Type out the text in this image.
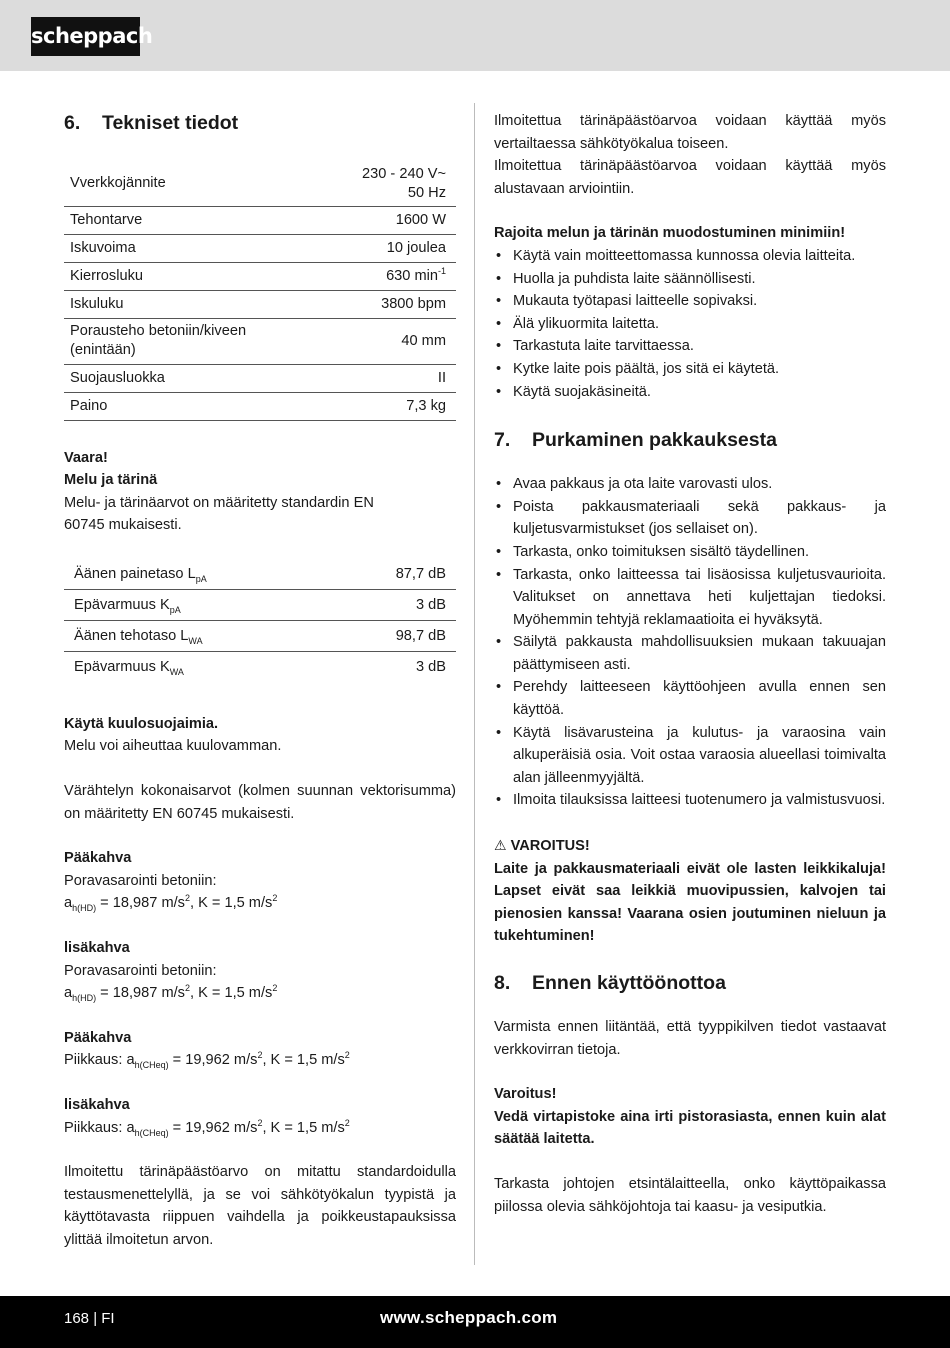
scheppach
6. Tekniset tiedot
Vverkkojännite	230 - 240 V~
50 Hz
Tehontarve	1600 W
Iskuvoima	10 joulea
Kierrosluku	630 $\min^{-1}$
Iskuluku	3800 bpm
Porausteho betoniin/kiveen (enintään)	40 mm
Suojausluokka	II
Paino	7,3 kg

Vaara!

Melu ja tärinä

Melu- ja tärinäarvot on määritetty standardin EN 60745 mukaisesti.

Äänen painetaso $L_{pA}$	87,7 dB
Epävarmuus $K_{pA}$	3 dB
Äänen tehotaso $L_{WA}$	98,7 dB
Epävarmuus $K_{WA}$	3 dB

Käytä kuulosuojaimia.

Melu voi aiheuttaa kuulovamman.

Värähtelyn kokonaisarvot (kolmen suunnan vektorisumma) on määritetty EN 60745 mukaisesti.

Pääkahva

Poravasarointi betoniin:

$a_{h(HD)} = 18,987$ $m/s^2$, K = 1,5 $m/s^2$

lisäkahva

Poravasarointi betoniin:

$a_{h(HD)} = 18,987$ $m/s^2$, K = 1,5 $m/s^2$

Pääkahva

Piikkaus: $a_{h(CHeq)} = 19,962$ $m/s^2$, K = 1,5 $m/s^2$

lisäkahva

Piikkaus: $a_{h(CHeq)} = 19,962$ $m/s^2$, K = 1,5 $m/s^2$

Ilmoitettu tärinäpäästöarvo on mitattu standardoidulla testausmenettelyllä, ja se voi sähkötyökalun tyypistä ja käyttötavasta riippuen vaihdella ja poikkeustapauksissa ylittää ilmoitetun arvon.

Ilmoitettua tärinäpäästöarvoa voidaan käyttää myös vertailtaessa sähkötyökalua toiseen.

Ilmoitettua tärinäpäästöarvoa voidaan käyttää myös alustavaan arviointiin.

Rajoita melun ja tärinän muodostuminen minimiin!

• Käytä vain moitteettomassa kunnossa olevia laitteita.
• Huolla ja puhdista laite säännöllisesti.
• Mukauta työtapasi laitteelle sopivaksi.
• Älä ylikuormita laitetta.
• Tarkastuta laite tarvittaessa.
• Kytke laite pois päältä, jos sitä ei käytetä.
• Käytä suojakäsineitä.
7. Purkaminen pakkauksesta
• Avaa pakkaus ja ota laite varovasti ulos.
• Poista pakkausmateriaali sekä pakkaus- ja kuljetusvarmistukset (jos sellaiset on).
• Tarkasta, onko toimituksen sisältö täydellinen.
• Tarkasta, onko laitteessa tai lisäosissa kuljetusvaurioita. Valitukset on annettava heti kuljettajan tiedoksi. Myöhemmin tehtyjä reklamaatioita ei hyväksytä.
• Säilytä pakkausta mahdollisuuksien mukaan takuuajan päättymiseen asti.
• Perehdy laitteeseen käyttöohjeen avulla ennen sen käyttöä.
• Käytä lisävarusteina ja kulutus- ja varaosina vain alkuperäisiä osia. Voit ostaa varaosia alueellasi toimivalta alan jälleenmyyjältä.
• Ilmoita tilauksissa laitteesi tuotenumero ja valmistusvuosi.

⚠ VAROITUS!

Laite ja pakkausmateriaali eivät ole lasten leikkikaluja! Lapset eivät saa leikkiä muovipussien, kalvojen tai pienosien kanssa! Vaarana osien joutuminen nieluun ja tukehtuminen!

8. Ennen käyttöönottoa

Varmista ennen liitäntää, että tyyppikilven tiedot vastaavat verkkovirran tietoja.

Varoitus!

Vedä virtapistoke aina irti pistorasiasta, ennen kuin alat säätää laitetta.

Tarkasta johtojen etsintälaitteella, onko käyttöpaikassa piilossa olevia sähköjohtoja tai kaasu- ja vesiputkia.

168 | FI	www.scheppach.com
